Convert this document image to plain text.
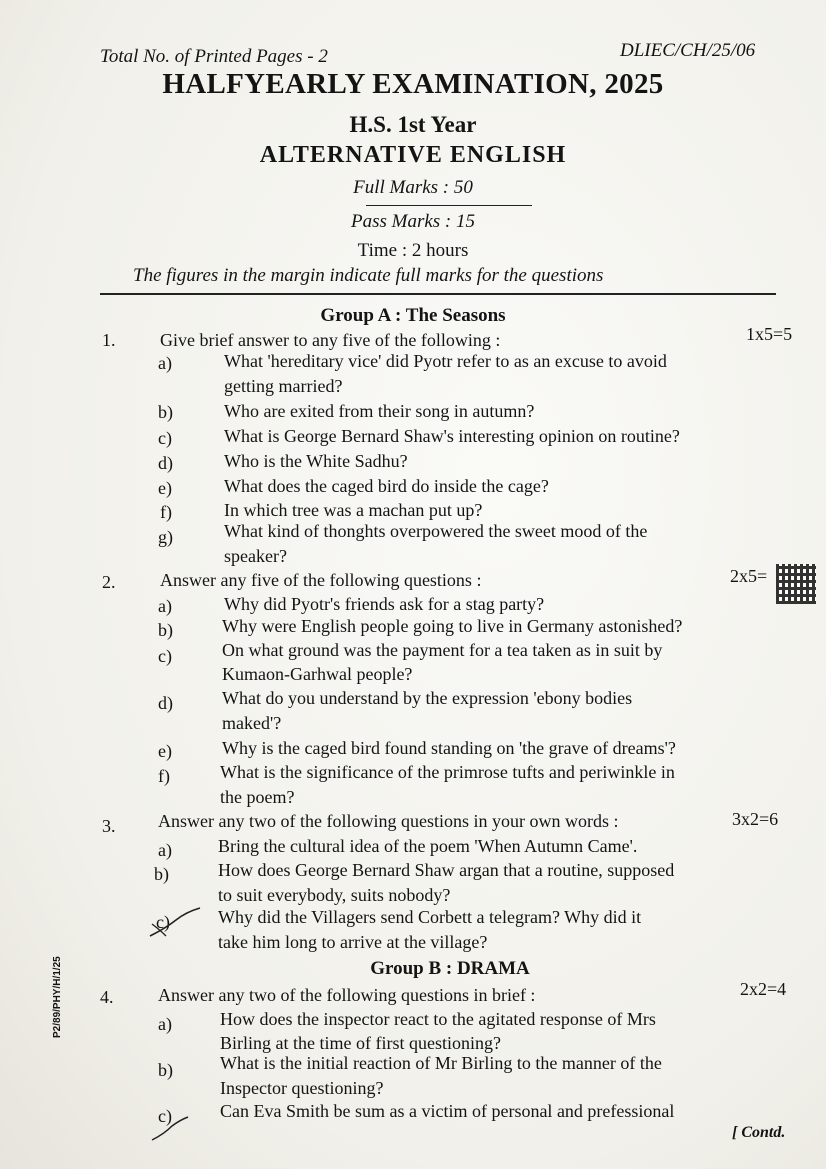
Total No. of Printed Pages - 2	DLIEC/CH/25/06
HALFYEARLY EXAMINATION, 2025
H.S. 1st Year
ALTERNATIVE ENGLISH
Full Marks : 50
Pass Marks : 15
Time : 2 hours
The figures in the margin indicate full marks for the questions
Group A : The Seasons
1. Give brief answer to any five of the following :	1x5=5
a)	What 'hereditary vice' did Pyotr refer to as an excuse to avoid
getting married?
b)	Who are exited from their song in autumn?
c)	What is George Bernard Shaw's interesting opinion on routine?
d)	Who is the White Sadhu?
e)	What does the caged bird do inside the cage?
f)	In which tree was a machan put up?
g)	What kind of thonghts overpowered the sweet mood of the
speaker?
2. Answer any five of the following questions :	2x5=
a)	Why did Pyotr's friends ask for a stag party?
b)	Why were English people going to live in Germany astonished?
c)	On what ground was the payment for a tea taken as in suit by
Kumaon-Garhwal people?
d)	What do you understand by the expression 'ebony bodies
maked'?
e)	Why is the caged bird found standing on 'the grave of dreams'?
f)	What is the significance of the primrose tufts and periwinkle in
the poem?
3. Answer any two of the following questions in your own words :	3x2=6
a)	Bring the cultural idea of the poem 'When Autumn Came'.
b)	How does George Bernard Shaw argan that a routine, supposed
to suit everybody, suits nobody?
c)	Why did the Villagers send Corbett a telegram? Why did it
take him long to arrive at the village?
Group B : DRAMA
4. Answer any two of the following questions in brief :	2x2=4
a)	How does the inspector react to the agitated response of Mrs
Birling at the time of first questioning?
b)	What is the initial reaction of Mr Birling to the manner of the
Inspector questioning?
c)	Can Eva Smith be sum as a victim of personal and prefessional
[ Contd.
P2/89/PHY/H/1/25
